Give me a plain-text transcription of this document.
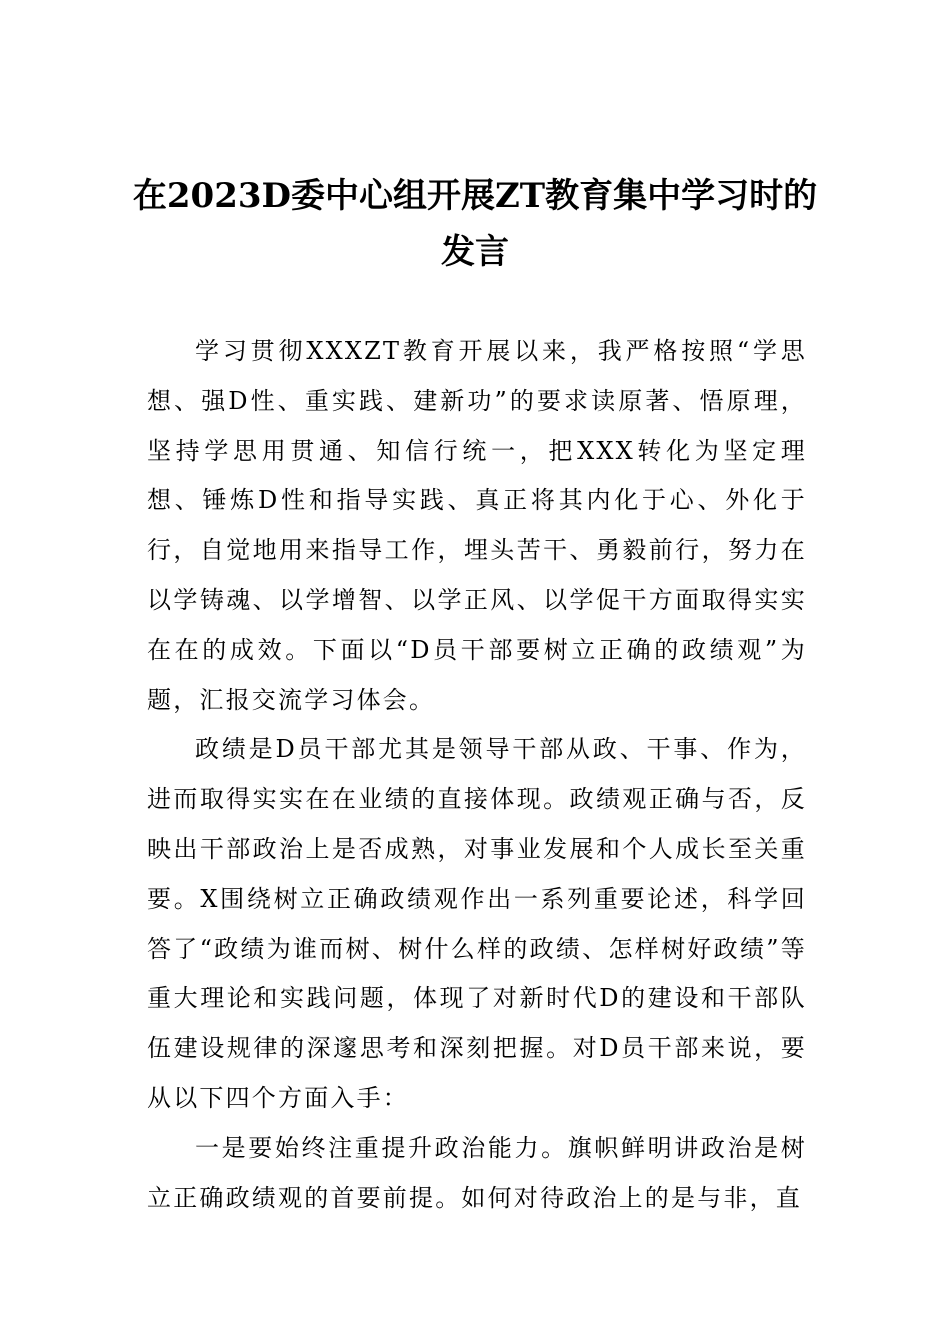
在2023D委中心组开展ZT教育集中学习时的发言

学习贯彻XXXZT教育开展以来，我严格按照“学思想、强D性、重实践、建新功”的要求读原著、悟原理，坚持学思用贯通、知信行统一，把XXX转化为坚定理想、锤炼D性和指导实践、真正将其内化于心、外化于行，自觉地用来指导工作，埋头苦干、勇毅前行，努力在以学铸魂、以学增智、以学正风、以学促干方面取得实实在在的成效。下面以“D员干部要树立正确的政绩观”为题，汇报交流学习体会。

政绩是D员干部尤其是领导干部从政、干事、作为，进而取得实实在在业绩的直接体现。政绩观正确与否，反映出干部政治上是否成熟，对事业发展和个人成长至关重要。X围绕树立正确政绩观作出一系列重要论述，科学回答了“政绩为谁而树、树什么样的政绩、怎样树好政绩”等重大理论和实践问题，体现了对新时代D的建设和干部队伍建设规律的深邃思考和深刻把握。对D员干部来说，要从以下四个方面入手：

一是要始终注重提升政治能力。旗帜鲜明讲政治是树立正确政绩观的首要前提。如何对待政治上的是与非，直
